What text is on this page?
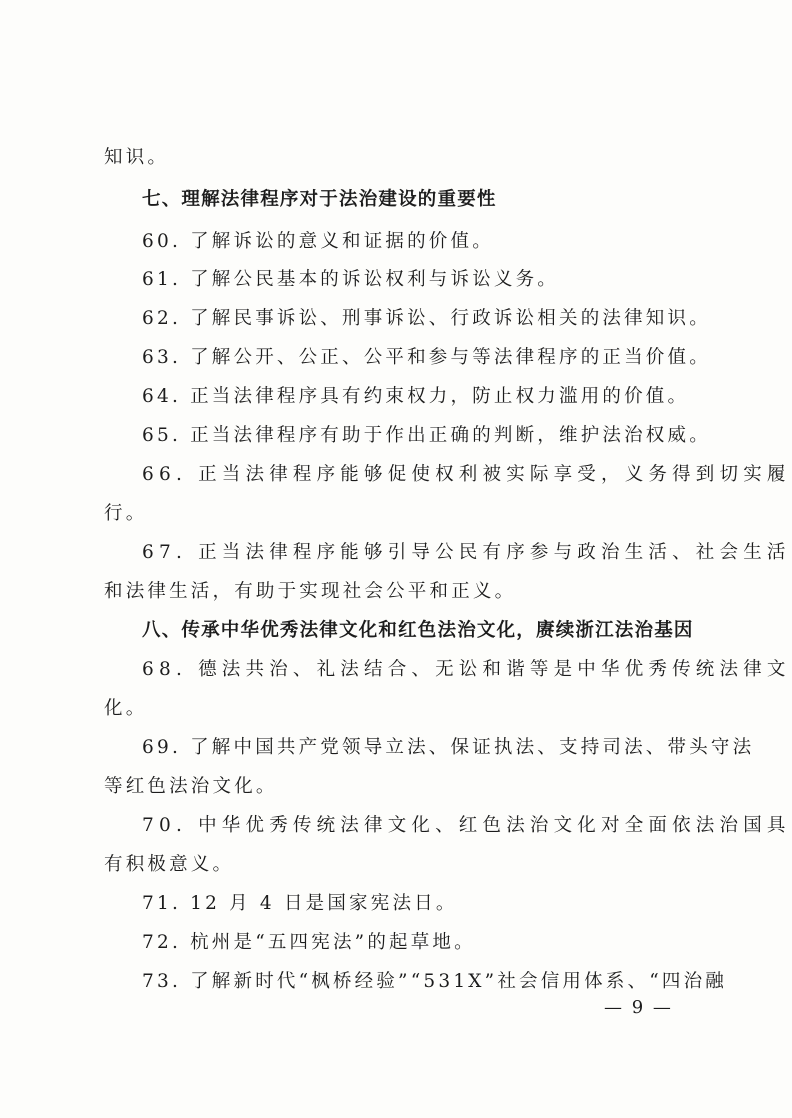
知识。
七、理解法律程序对于法治建设的重要性
60. 了解诉讼的意义和证据的价值。
61. 了解公民基本的诉讼权利与诉讼义务。
62. 了解民事诉讼、刑事诉讼、行政诉讼相关的法律知识。
63. 了解公开、公正、公平和参与等法律程序的正当价值。
64. 正当法律程序具有约束权力，防止权力滥用的价值。
65. 正当法律程序有助于作出正确的判断，维护法治权威。
66. 正当法律程序能够促使权利被实际享受，义务得到切实履
行。
67. 正当法律程序能够引导公民有序参与政治生活、社会生活
和法律生活，有助于实现社会公平和正义。
八、传承中华优秀法律文化和红色法治文化，赓续浙江法治基因
68. 德法共治、礼法结合、无讼和谐等是中华优秀传统法律文
化。
69. 了解中国共产党领导立法、保证执法、支持司法、带头守法
等红色法治文化。
70. 中华优秀传统法律文化、红色法治文化对全面依法治国具
有积极意义。
71. 12 月 4 日是国家宪法日。
72. 杭州是“五四宪法”的起草地。
73. 了解新时代“枫桥经验”“531X”社会信用体系、“四治融
— 9 —
